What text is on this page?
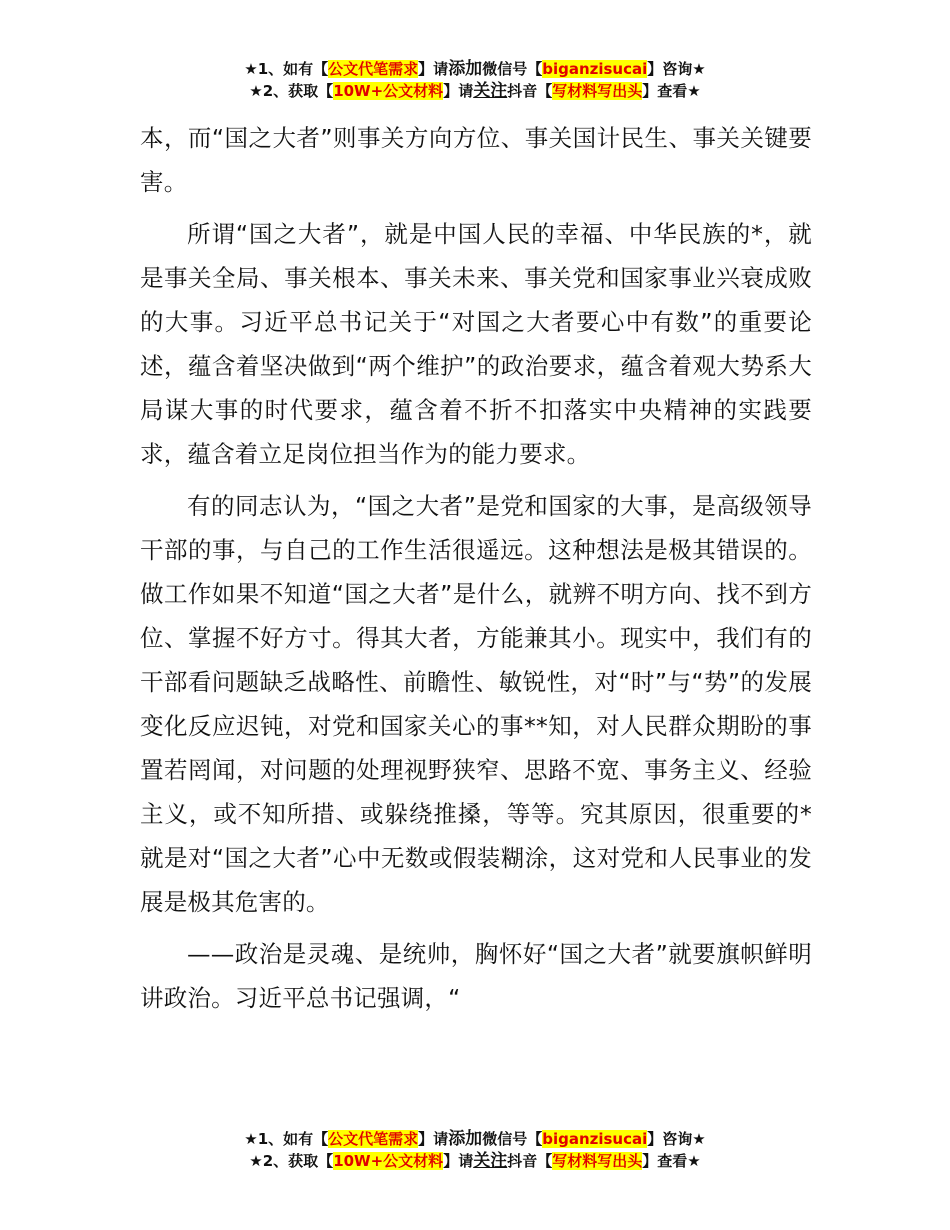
★1、如有【公文代笔需求】请添加微信号【biganzisucai】咨询★
★2、获取【10W+公文材料】请关注抖音【写材料写出头】查看★

本，而“国之大者”则事关方向方位、事关国计民生、事关关键要害。

所谓“国之大者”，就是中国人民的幸福、中华民族的*，就是事关全局、事关根本、事关未来、事关党和国家事业兴衰成败的大事。习近平总书记关于“对国之大者要心中有数”的重要论述，蕴含着坚决做到“两个维护”的政治要求，蕴含着观大势系大局谋大事的时代要求，蕴含着不折不扣落实中央精神的实践要求，蕴含着立足岗位担当作为的能力要求。

有的同志认为，“国之大者”是党和国家的大事，是高级领导干部的事，与自己的工作生活很遥远。这种想法是极其错误的。做工作如果不知道“国之大者”是什么，就辨不明方向、找不到方位、掌握不好方寸。得其大者，方能兼其小。现实中，我们有的干部看问题缺乏战略性、前瞻性、敏锐性，对“时”与“势”的发展变化反应迟钝，对党和国家关心的事**知，对人民群众期盼的事置若罔闻，对问题的处理视野狭窄、思路不宽、事务主义、经验主义，或不知所措、或躲绕推搡，等等。究其原因，很重要的*就是对“国之大者”心中无数或假装糊涂，这对党和人民事业的发展是极其危害的。

——政治是灵魂、是统帅，胸怀好“国之大者”就要旗帜鲜明讲政治。习近平总书记强调，“

★1、如有【公文代笔需求】请添加微信号【biganzisucai】咨询★
★2、获取【10W+公文材料】请关注抖音【写材料写出头】查看★
